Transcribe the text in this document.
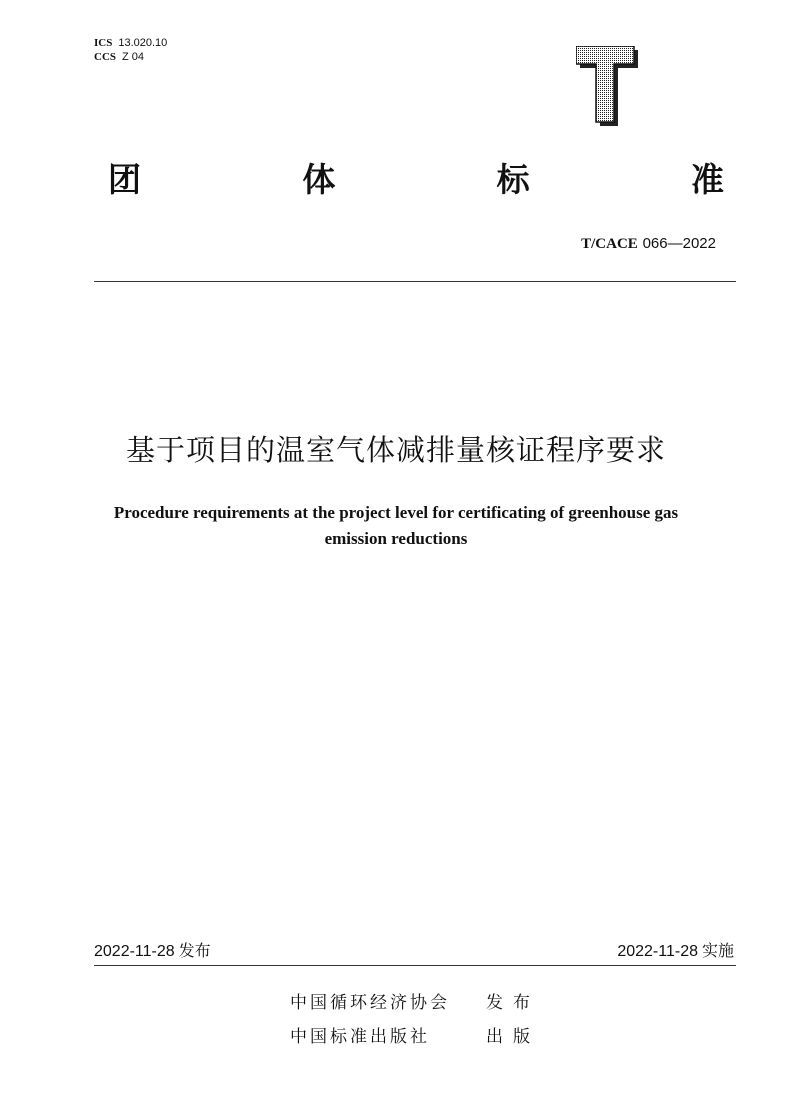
ICS 13.020.10
CCS Z 04
团	体	标	准
T/CACE 066—2022
基于项目的温室气体减排量核证程序要求
Procedure requirements at the project level for certificating of greenhouse gas
emission reductions
2022-11-28 发布	2022-11-28 实施
中国循环经济协会	发布
中国标准出版社	出版
